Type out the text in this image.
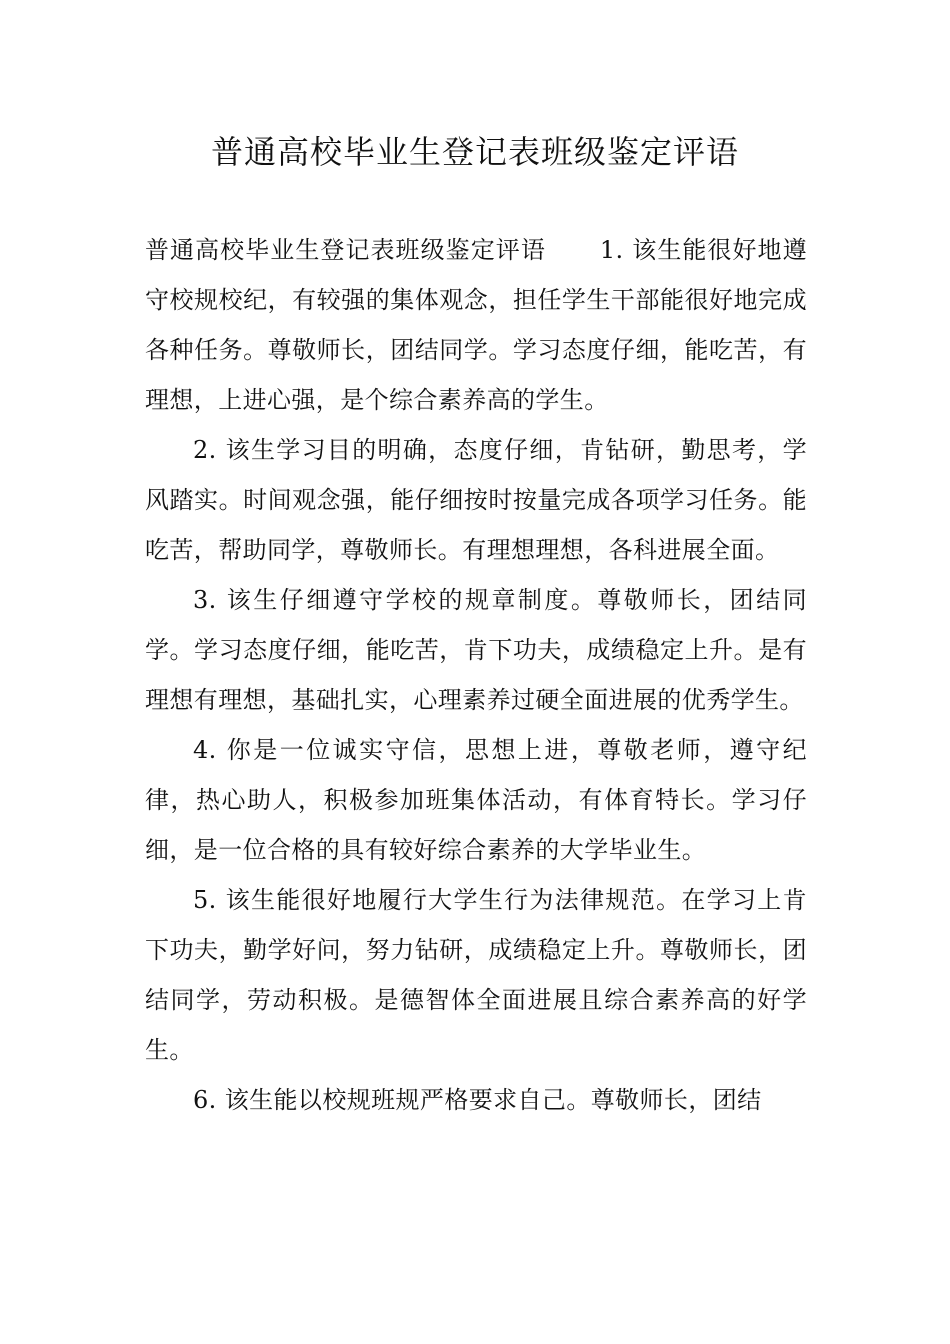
普通高校毕业生登记表班级鉴定评语

普通高校毕业生登记表班级鉴定评语 1. 该生能很好地遵守校规校纪，有较强的集体观念，担任学生干部能很好地完成各种任务。尊敬师长，团结同学。学习态度仔细，能吃苦，有理想，上进心强，是个综合素养高的学生。

2. 该生学习目的明确，态度仔细，肯钻研，勤思考，学风踏实。时间观念强，能仔细按时按量完成各项学习任务。能吃苦，帮助同学，尊敬师长。有理想理想，各科进展全面。

3. 该生仔细遵守学校的规章制度。尊敬师长，团结同学。学习态度仔细，能吃苦，肯下功夫，成绩稳定上升。是有理想有理想，基础扎实，心理素养过硬全面进展的优秀学生。

4. 你是一位诚实守信，思想上进，尊敬老师，遵守纪律，热心助人，积极参加班集体活动，有体育特长。学习仔细，是一位合格的具有较好综合素养的大学毕业生。

5. 该生能很好地履行大学生行为法律规范。在学习上肯下功夫，勤学好问，努力钻研，成绩稳定上升。尊敬师长，团结同学，劳动积极。是德智体全面进展且综合素养高的好学生。

6. 该生能以校规班规严格要求自己。尊敬师长，团结
